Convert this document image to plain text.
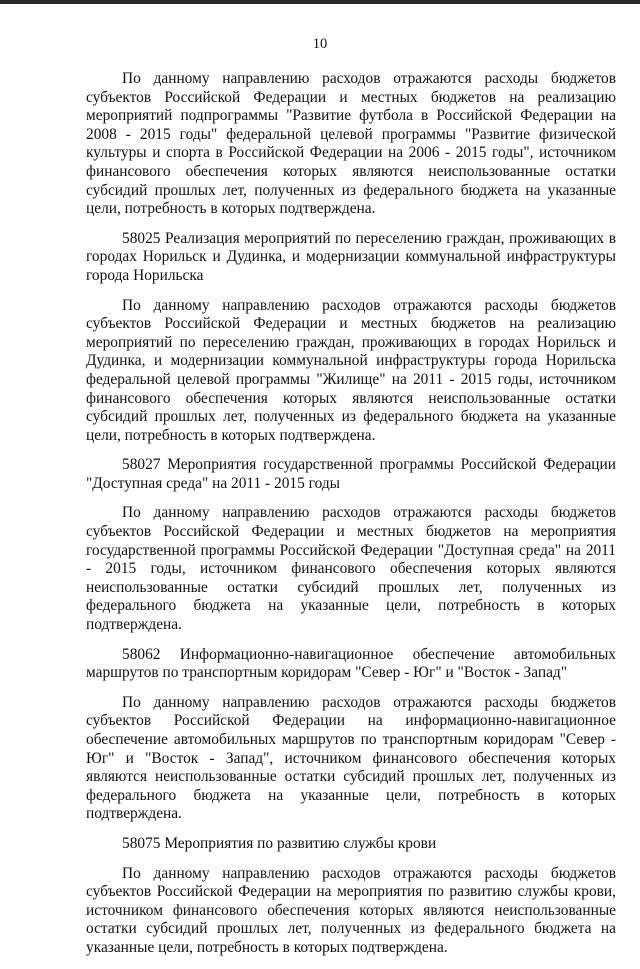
10

По данному направлению расходов отражаются расходы бюджетов субъектов Российской Федерации и местных бюджетов на реализацию мероприятий подпрограммы "Развитие футбола в Российской Федерации на 2008 - 2015 годы" федеральной целевой программы "Развитие физической культуры и спорта в Российской Федерации на 2006 - 2015 годы", источником финансового обеспечения которых являются неиспользованные остатки субсидий прошлых лет, полученных из федерального бюджета на указанные цели, потребность в которых подтверждена.

58025 Реализация мероприятий по переселению граждан, проживающих в городах Норильск и Дудинка, и модернизации коммунальной инфраструктуры города Норильска

По данному направлению расходов отражаются расходы бюджетов субъектов Российской Федерации и местных бюджетов на реализацию мероприятий по переселению граждан, проживающих в городах Норильск и Дудинка, и модернизации коммунальной инфраструктуры города Норильска федеральной целевой программы "Жилище" на 2011 - 2015 годы, источником финансового обеспечения которых являются неиспользованные остатки субсидий прошлых лет, полученных из федерального бюджета на указанные цели, потребность в которых подтверждена.

58027 Мероприятия государственной программы Российской Федерации "Доступная среда" на 2011 - 2015 годы

По данному направлению расходов отражаются расходы бюджетов субъектов Российской Федерации и местных бюджетов на мероприятия государственной программы Российской Федерации "Доступная среда" на 2011 - 2015 годы, источником финансового обеспечения которых являются неиспользованные остатки субсидий прошлых лет, полученных из федерального бюджета на указанные цели, потребность в которых подтверждена.

58062 Информационно-навигационное обеспечение автомобильных маршрутов по транспортным коридорам "Север - Юг" и "Восток - Запад"

По данному направлению расходов отражаются расходы бюджетов субъектов Российской Федерации на информационно-навигационное обеспечение автомобильных маршрутов по транспортным коридорам "Север - Юг" и "Восток - Запад", источником финансового обеспечения которых являются неиспользованные остатки субсидий прошлых лет, полученных из федерального бюджета на указанные цели, потребность в которых подтверждена.

58075 Мероприятия по развитию службы крови

По данному направлению расходов отражаются расходы бюджетов субъектов Российской Федерации на мероприятия по развитию службы крови, источником финансового обеспечения которых являются неиспользованные остатки субсидий прошлых лет, полученных из федерального бюджета на указанные цели, потребность в которых подтверждена.
